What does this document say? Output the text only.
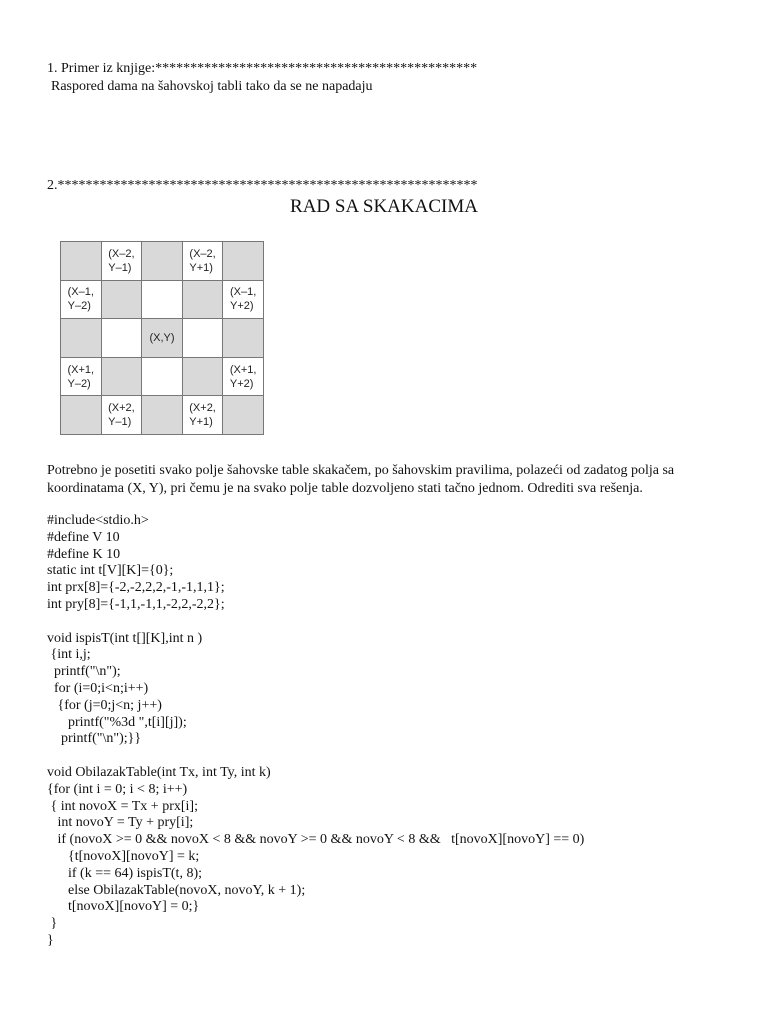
1. Primer iz knjige:**********************************************
Raspored dama na šahovskoj tabli tako da se ne napadaju
2.************************************************************
RAD SA SKAKACIMA
(X–2,
Y–1)
(X–2,
Y+1)
(X–1,
Y–2)
(X–1,
Y+2)
(X,Y)
(X+1,
Y–2)
(X+1,
Y+2)
(X+2,
Y–1)
(X+2,
Y+1)
Potrebno je posetiti svako polje šahovske table skakačem, po šahovskim pravilima, polazeći od zadatog polja sa
koordinatama (X, Y), pri čemu je na svako polje table dozvoljeno stati tačno jednom. Odrediti sva rešenja.
#include<stdio.h>
#define V 10
#define K 10
static int t[V][K]={0};
int prx[8]={-2,-2,2,2,-1,-1,1,1};
int pry[8]={-1,1,-1,1,-2,2,-2,2};
void ispisT(int t[][K],int n )
{int i,j;
printf("\n");
for (i=0;i<n;i++)
{for (j=0;j<n; j++)
printf("%3d ",t[i][j]);
printf("\n");}}
void ObilazakTable(int Tx, int Ty, int k)
{for (int i = 0; i < 8; i++)
{ int novoX = Tx + prx[i];
int novoY = Ty + pry[i];
if (novoX >= 0 && novoX < 8 && novoY >= 0 && novoY < 8 &&   t[novoX][novoY] == 0)
{t[novoX][novoY] = k;
if (k == 64) ispisT(t, 8);
else ObilazakTable(novoX, novoY, k + 1);
t[novoX][novoY] = 0;}
}
}
